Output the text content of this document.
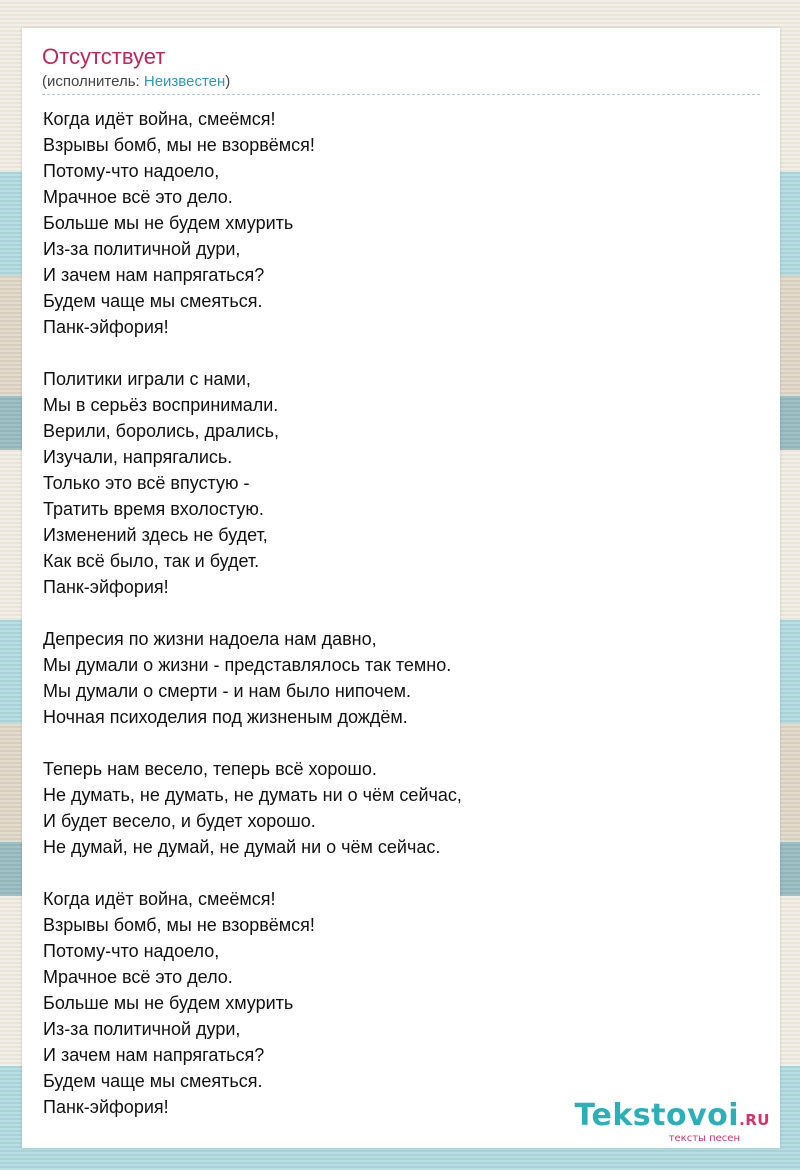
Отсутствует
(исполнитель: Неизвестен)
Когда идёт война, смеёмся!
Взрывы бомб, мы не взорвёмся!
Потому-что надоело,
Мрачное всё это дело.
Больше мы не будем хмурить
Из-за политичной дури,
И зачем нам напрягаться?
Будем чаще мы смеяться.
Панк-эйфория!
Политики играли с нами,
Мы в серьёз воспринимали.
Верили, боролись, дрались,
Изучали, напрягались.
Только это всё впустую -
Тратить время вхолостую.
Изменений здесь не будет,
Как всё было, так и будет.
Панк-эйфория!
Депресия по жизни надоела нам давно,
Мы думали о жизни - представлялось так темно.
Мы думали о смерти - и нам было нипочем.
Ночная психоделия под жизненым дождём.
Теперь нам весело, теперь всё хорошо.
Не думать, не думать, не думать ни о чём сейчас,
И будет весело, и будет хорошо.
Не думай, не думай, не думай ни о чём сейчас.
Когда идёт война, смеёмся!
Взрывы бомб, мы не взорвёмся!
Потому-что надоело,
Мрачное всё это дело.
Больше мы не будем хмурить
Из-за политичной дури,
И зачем нам напрягаться?
Будем чаще мы смеяться.
Панк-эйфория!	Tekstovoi.RU
тексты песен
